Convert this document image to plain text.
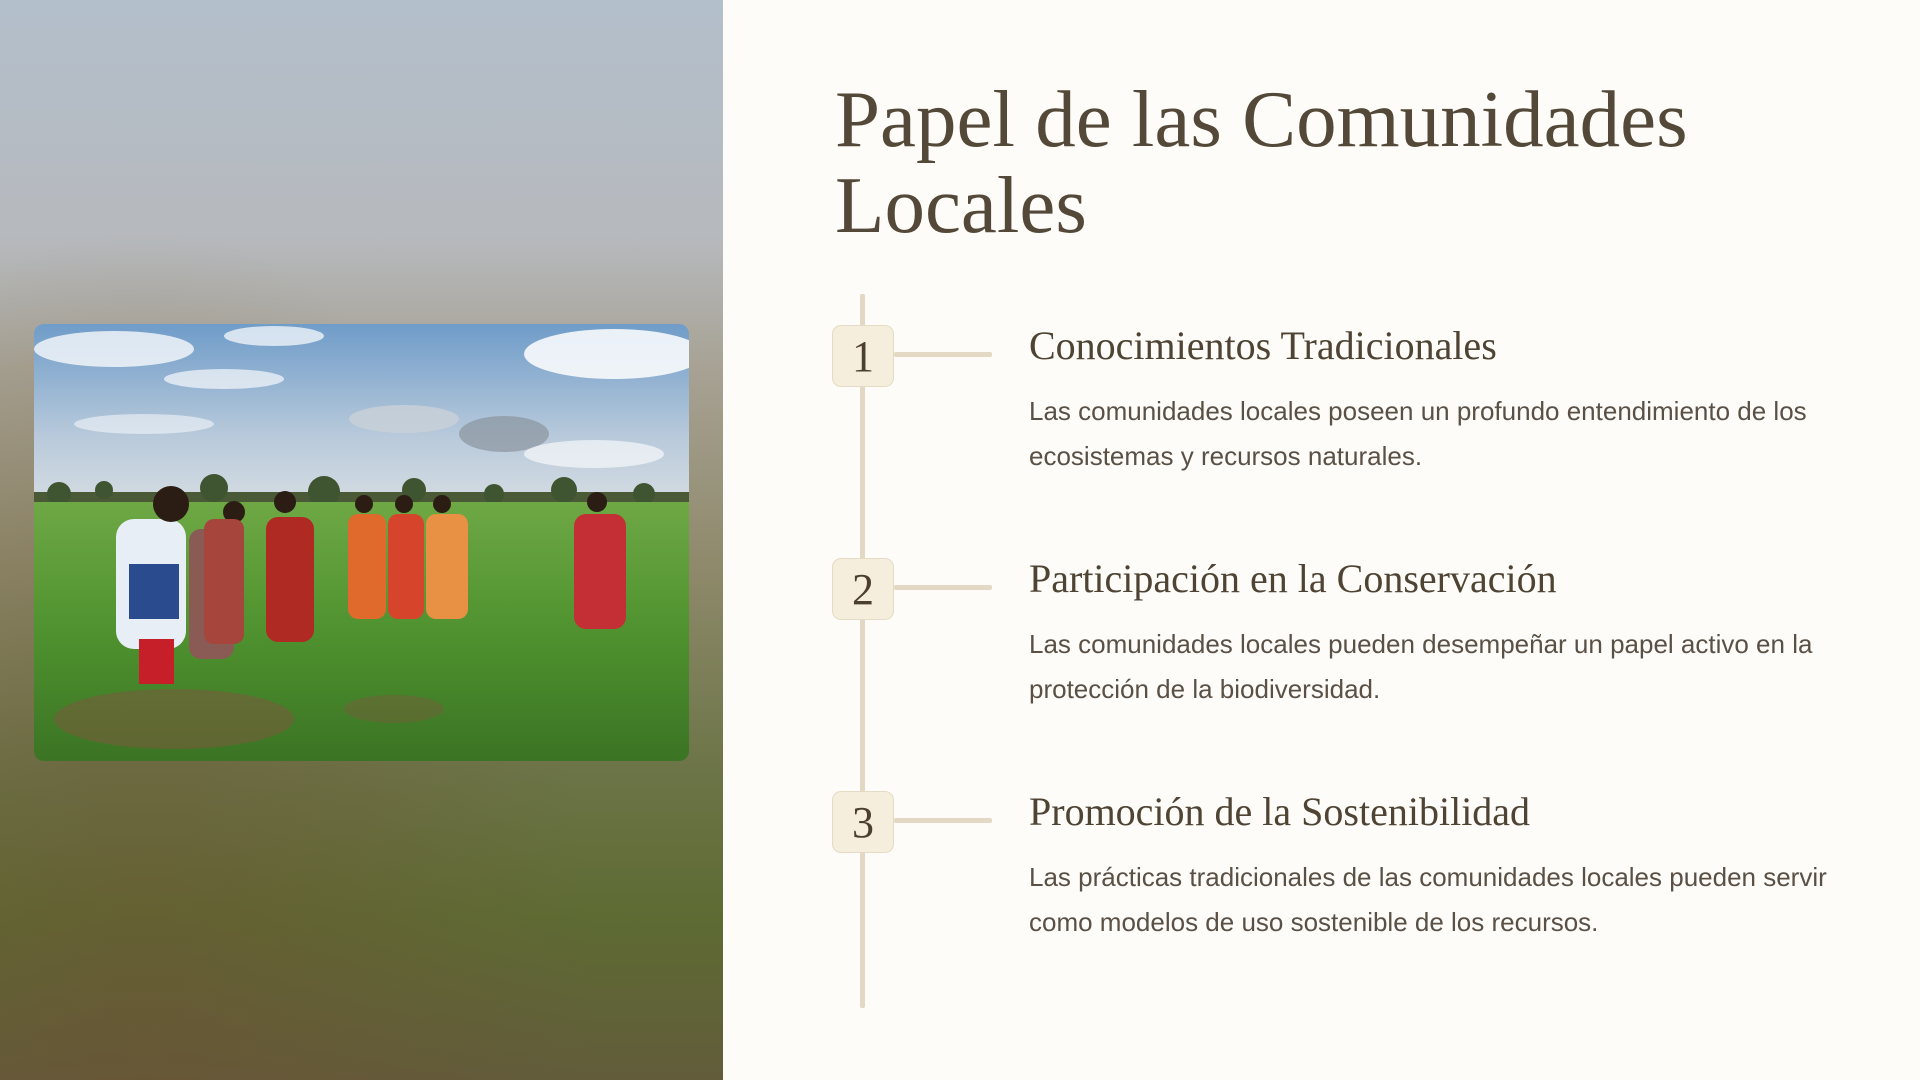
Papel de las Comunidades Locales
1	Conocimientos Tradicionales
Las comunidades locales poseen un profundo entendimiento de los ecosistemas y recursos naturales.
2	Participación en la Conservación
Las comunidades locales pueden desempeñar un papel activo en la protección de la biodiversidad.
3	Promoción de la Sostenibilidad
Las prácticas tradicionales de las comunidades locales pueden servir como modelos de uso sostenible de los recursos.
